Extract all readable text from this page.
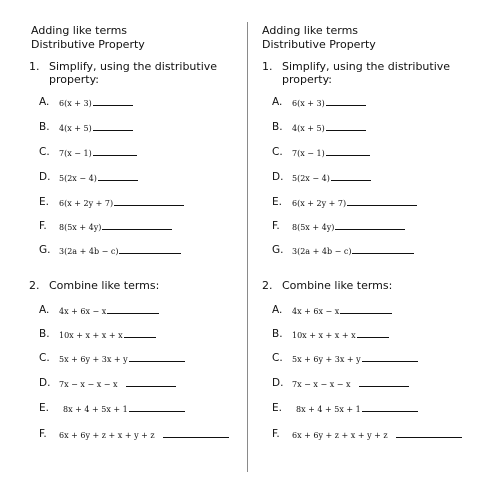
Adding like terms
Distributive Property
1. Simplify, using the distributive
property:
A. 6(x + 3)
B. 4(x + 5)
C. 7(x − 1)
D. 5(2x − 4)
E. 6(x + 2y + 7)
F. 8(5x + 4y)
G. 3(2a + 4b − c)
2. Combine like terms:
A. 4x + 6x − x
B. 10x + x + x + x
C. 5x + 6y + 3x + y
D. 7x − x − x − x
E. 8x + 4 + 5x + 1
F. 6x + 6y + z + x + y + z
Adding like terms
Distributive Property
1. Simplify, using the distributive
property:
A. 6(x + 3)
B. 4(x + 5)
C. 7(x − 1)
D. 5(2x − 4)
E. 6(x + 2y + 7)
F. 8(5x + 4y)
G. 3(2a + 4b − c)
2. Combine like terms:
A. 4x + 6x − x
B. 10x + x + x + x
C. 5x + 6y + 3x + y
D. 7x − x − x − x
E. 8x + 4 + 5x + 1
F. 6x + 6y + z + x + y + z
